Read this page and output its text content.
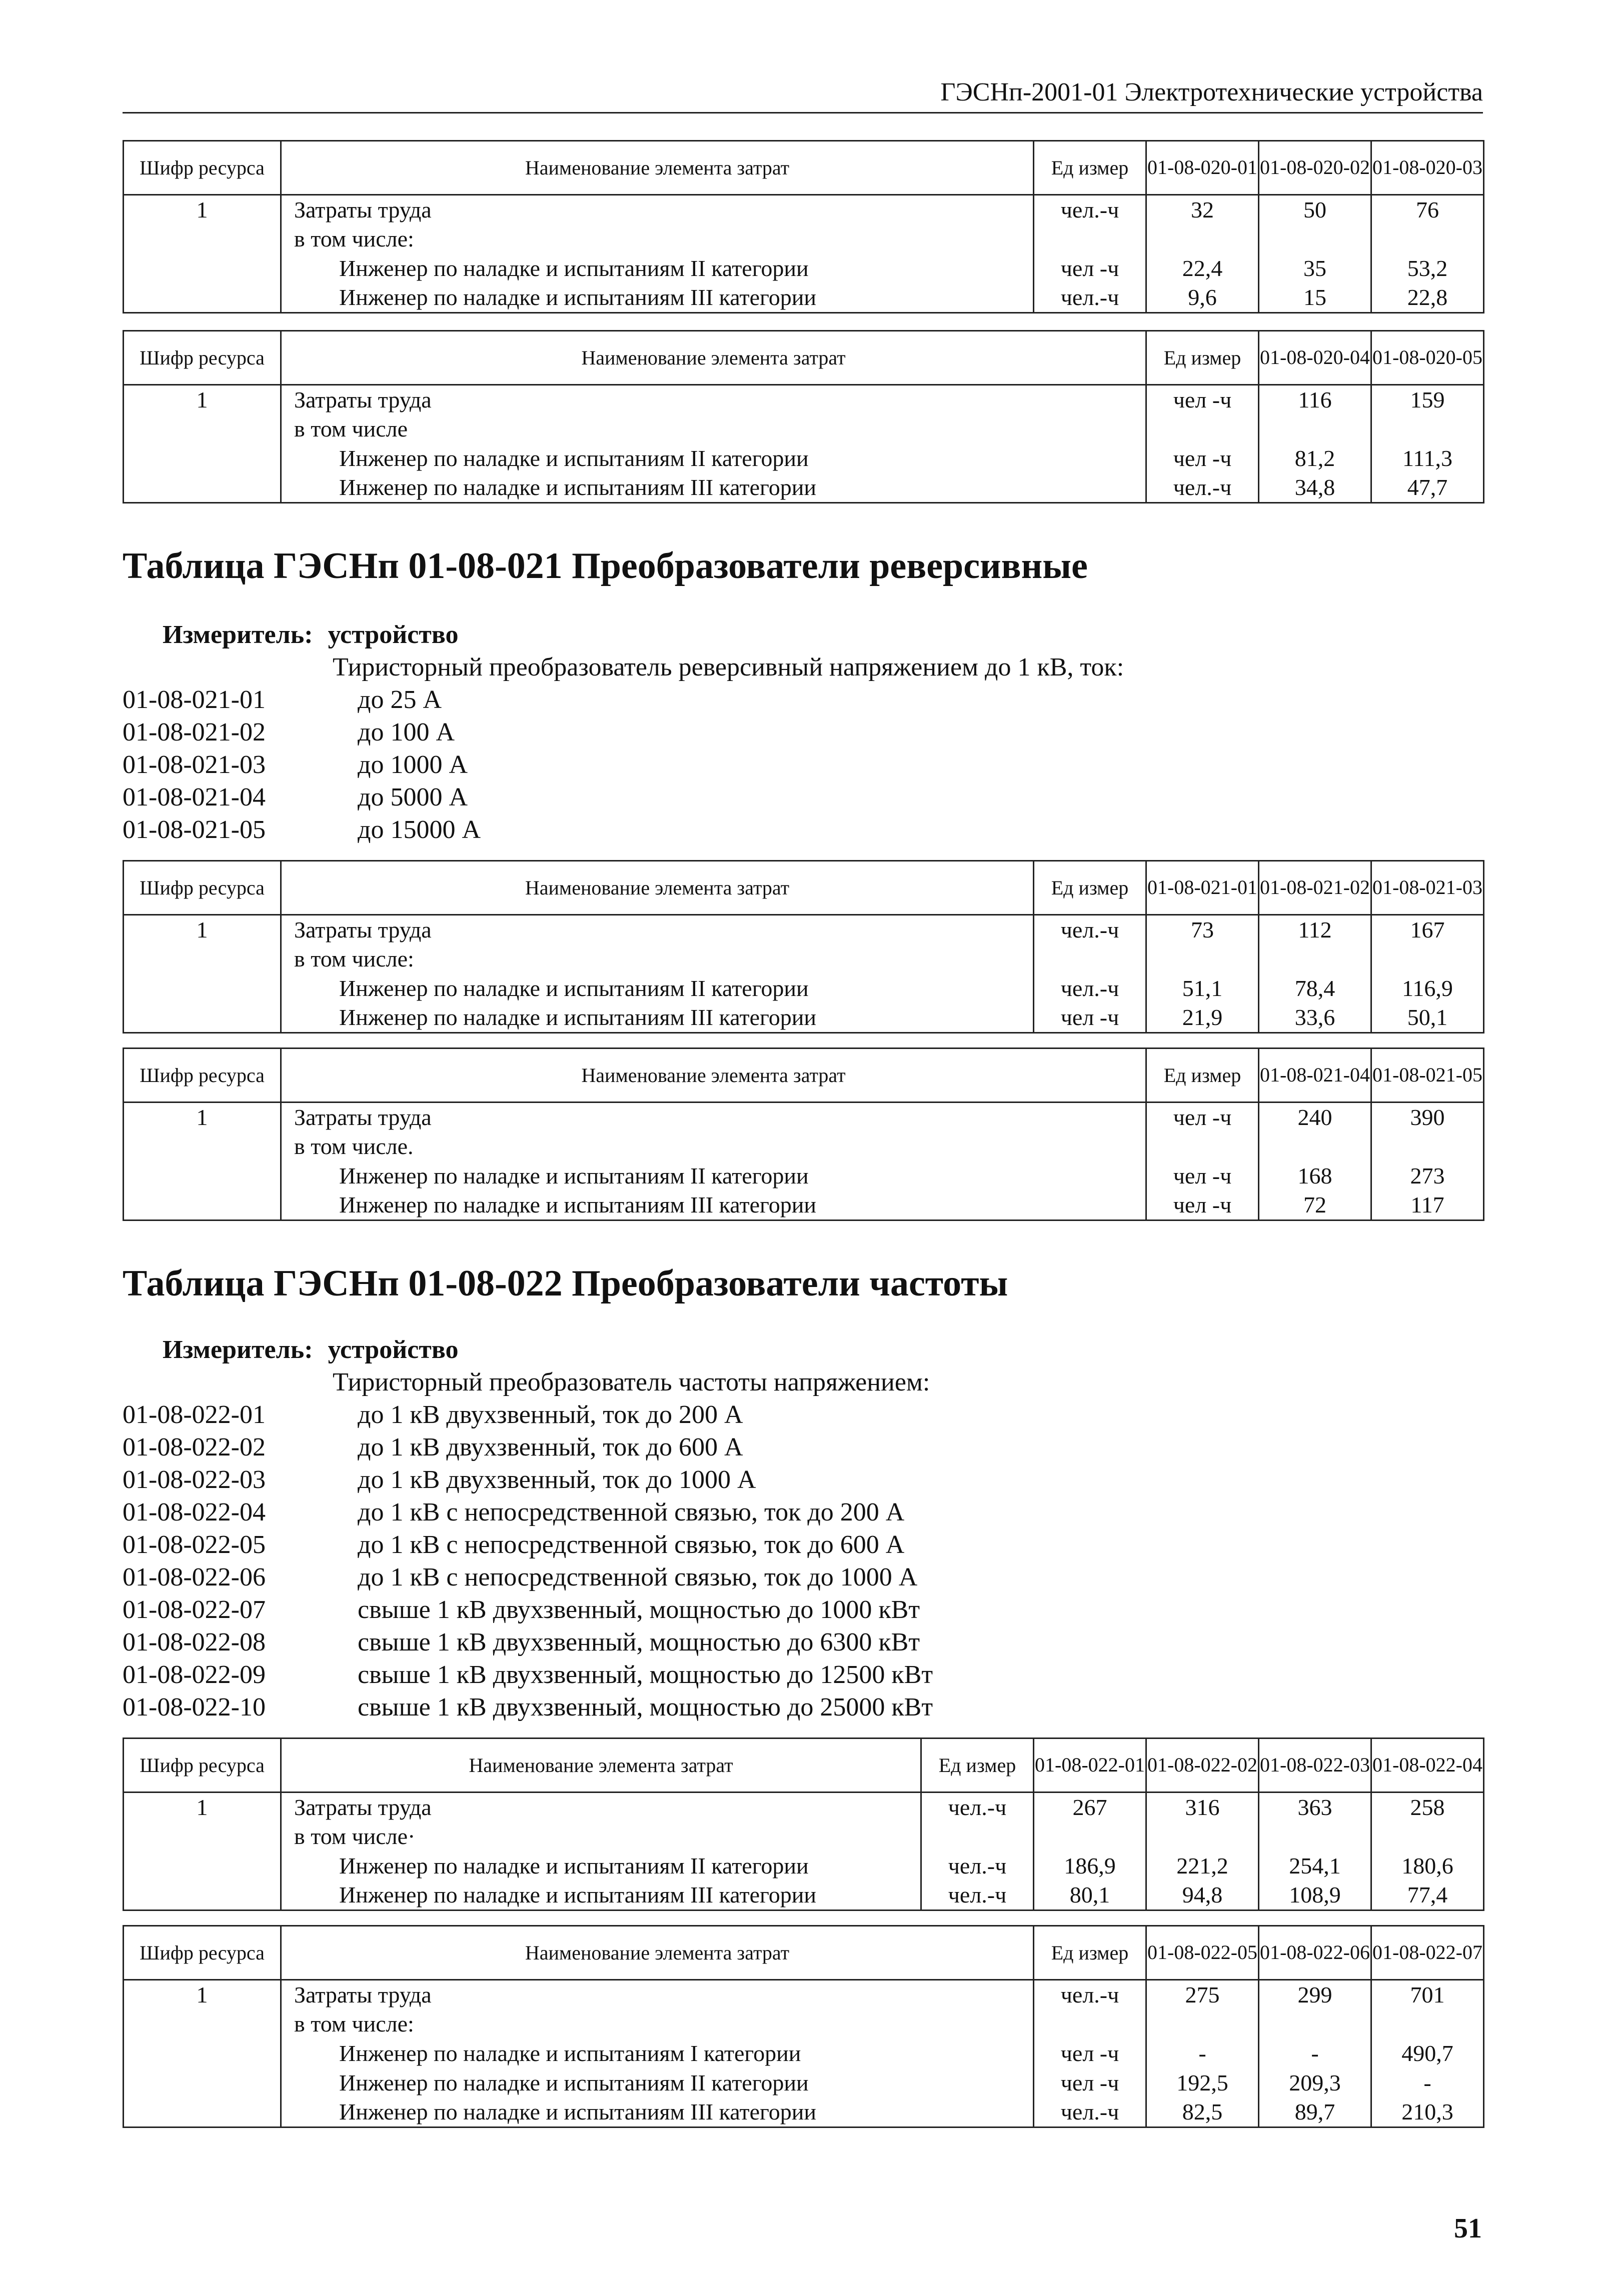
ГЭСНп-2001-01 Электротехнические устройства
Шифр ресурса	Наименование элемента затрат	Ед измер	01-08-020-01	01-08-020-02	01-08-020-03
1	Затраты труда	чел.-ч	32	50	76
	в том числе:				
	Инженер по наладке и испытаниям II категории	чел -ч	22,4	35	53,2
	Инженер по наладке и испытаниям III категории	чел.-ч	9,6	15	22,8
Шифр ресурса	Наименование элемента затрат	Ед измер	01-08-020-04	01-08-020-05
1	Затраты труда	чел -ч	116	159
	в том числе			
	Инженер по наладке и испытаниям II категории	чел -ч	81,2	111,3
	Инженер по наладке и испытаниям III категории	чел.-ч	34,8	47,7
Таблица ГЭСНп 01-08-021 Преобразователи реверсивные
Измеритель: устройство
Тиристорный преобразователь реверсивный напряжением до 1 кВ, ток:
01-08-021-01	до 25 А
01-08-021-02	до 100 А
01-08-021-03	до 1000 А
01-08-021-04	до 5000 А
01-08-021-05	до 15000 А
Шифр ресурса	Наименование элемента затрат	Ед измер	01-08-021-01	01-08-021-02	01-08-021-03
1	Затраты труда	чел.-ч	73	112	167
	в том числе:				
	Инженер по наладке и испытаниям II категории	чел.-ч	51,1	78,4	116,9
	Инженер по наладке и испытаниям III категории	чел -ч	21,9	33,6	50,1
Шифр ресурса	Наименование элемента затрат	Ед измер	01-08-021-04	01-08-021-05
1	Затраты труда	чел -ч	240	390
	в том числе.			
	Инженер по наладке и испытаниям II категории	чел -ч	168	273
	Инженер по наладке и испытаниям III категории	чел -ч	72	117
Таблица ГЭСНп 01-08-022 Преобразователи частоты
Измеритель: устройство
Тиристорный преобразователь частоты напряжением:
01-08-022-01	до 1 кВ двухзвенный, ток до 200 А
01-08-022-02	до 1 кВ двухзвенный, ток до 600 А
01-08-022-03	до 1 кВ двухзвенный, ток до 1000 А
01-08-022-04	до 1 кВ с непосредственной связью, ток до 200 А
01-08-022-05	до 1 кВ с непосредственной связью, ток до 600 А
01-08-022-06	до 1 кВ с непосредственной связью, ток до 1000 А
01-08-022-07	свыше 1 кВ двухзвенный, мощностью до 1000 кВт
01-08-022-08	свыше 1 кВ двухзвенный, мощностью до 6300 кВт
01-08-022-09	свыше 1 кВ двухзвенный, мощностью до 12500 кВт
01-08-022-10	свыше 1 кВ двухзвенный, мощностью до 25000 кВт
Шифр ресурса	Наименование элемента затрат	Ед измер	01-08-022-01	01-08-022-02	01-08-022-03	01-08-022-04
1	Затраты труда	чел.-ч	267	316	363	258
	в том числе·					
	Инженер по наладке и испытаниям II категории	чел.-ч	186,9	221,2	254,1	180,6
	Инженер по наладке и испытаниям III категории	чел.-ч	80,1	94,8	108,9	77,4
Шифр ресурса	Наименование элемента затрат	Ед измер	01-08-022-05	01-08-022-06	01-08-022-07
1	Затраты труда	чел.-ч	275	299	701
	в том числе:				
	Инженер по наладке и испытаниям I категории	чел -ч	-	-	490,7
	Инженер по наладке и испытаниям II категории	чел -ч	192,5	209,3	-
	Инженер по наладке и испытаниям III категории	чел.-ч	82,5	89,7	210,3
51
